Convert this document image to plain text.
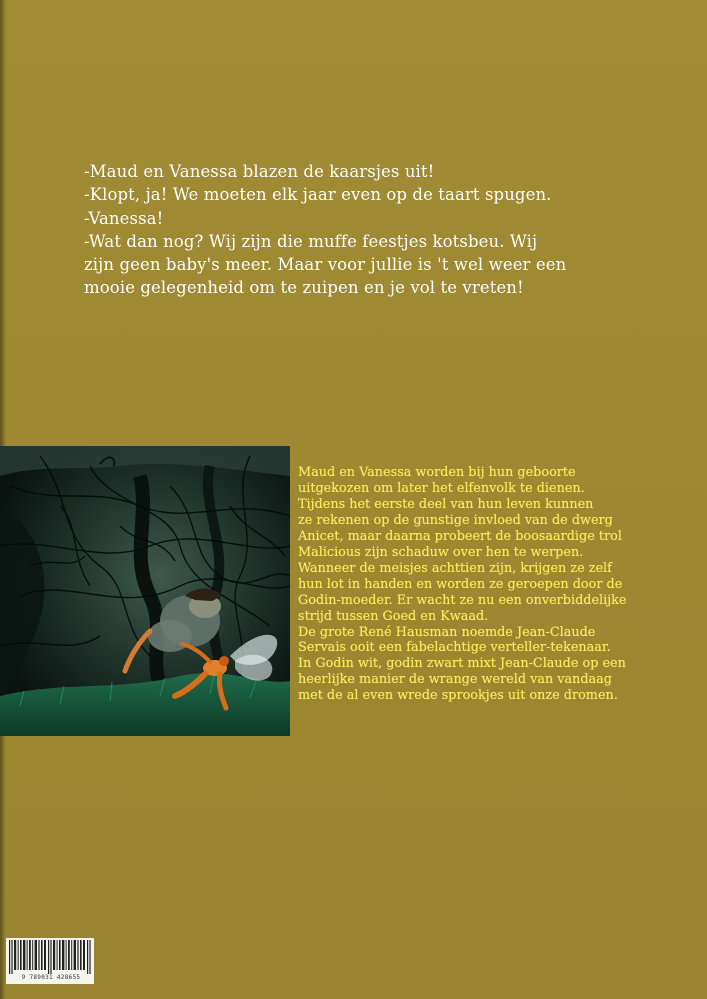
-Maud en Vanessa blazen de kaarsjes uit!

-Klopt, ja! We moeten elk jaar even op de taart spugen.

-Vanessa!

-Wat dan nog? Wij zijn die muffe feestjes kotsbeu. Wij

zijn geen baby's meer. Maar voor jullie is 't wel weer een

mooie gelegenheid om te zuipen en je vol te vreten!

Maud en Vanessa worden bij hun geboorte

uitgekozen om later het elfenvolk te dienen.

Tijdens het eerste deel van hun leven kunnen

ze rekenen op de gunstige invloed van de dwerg

Anicet, maar daarna probeert de boosaardige trol

Malicious zijn schaduw over hen te werpen.

Wanneer de meisjes achttien zijn, krijgen ze zelf

hun lot in handen en worden ze geroepen door de

Godin-moeder. Er wacht ze nu een onverbiddelijke

strijd tussen Goed en Kwaad.

De grote René Hausman noemde Jean-Claude

Servais ooit een fabelachtige verteller-tekenaar.

In Godin wit, godin zwart mixt Jean-Claude op een

heerlijke manier de wrange wereld van vandaag

met de al even wrede sprookjes uit onze dromen.

9 789031 428655
